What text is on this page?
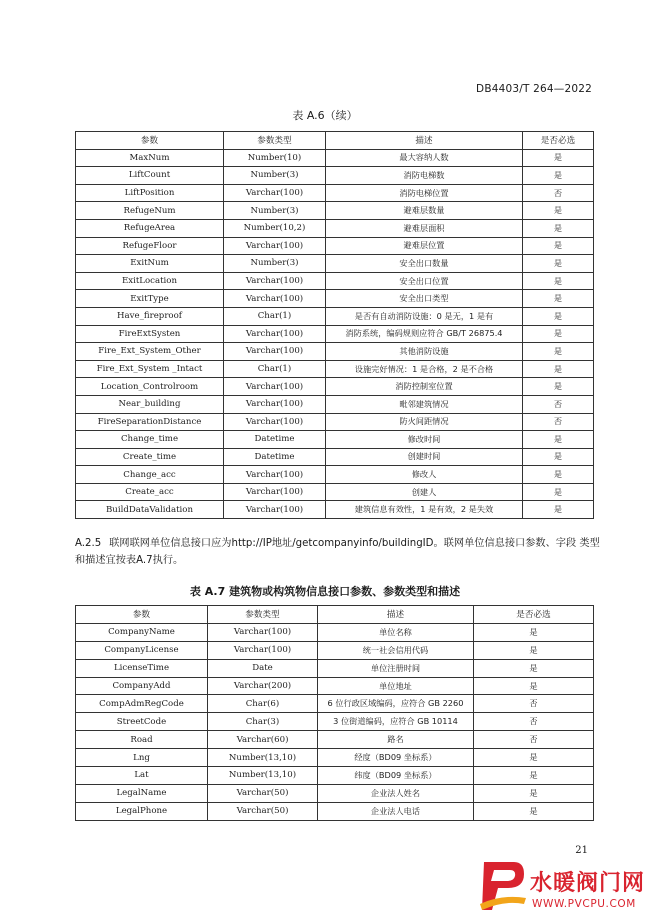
DB4403/T 264—2022
表 A.6（续）
参数	参数类型	描述	是否必选
MaxNum	Number(10)	最大容纳人数	是
LiftCount	Number(3)	消防电梯数	是
LiftPosition	Varchar(100)	消防电梯位置	否
RefugeNum	Number(3)	避难层数量	是
RefugeArea	Number(10,2)	避难层面积	是
RefugeFloor	Varchar(100)	避难层位置	是
ExitNum	Number(3)	安全出口数量	是
ExitLocation	Varchar(100)	安全出口位置	是
ExitType	Varchar(100)	安全出口类型	是
Have_fireproof	Char(1)	是否有自动消防设施：0 是无，1 是有	是
FireExtSysten	Varchar(100)	消防系统，编码规则应符合 GB/T 26875.4	是
Fire_Ext_System_Other	Varchar(100)	其他消防设施	是
Fire_Ext_System _Intact	Char(1)	设施完好情况：1 是合格，2 是不合格	是
Location_Controlroom	Varchar(100)	消防控制室位置	是
Near_building	Varchar(100)	毗邻建筑情况	否
FireSeparationDistance	Varchar(100)	防火间距情况	否
Change_time	Datetime	修改时间	是
Create_time	Datetime	创建时间	是
Change_acc	Varchar(100)	修改人	是
Create_acc	Varchar(100)	创建人	是
BuildDataValidation	Varchar(100)	建筑信息有效性，1 是有效，2 是失效	是
A.2.5 联网联网单位信息接口应为http://IP地址/getcompanyinfo/buildingID。联网单位信息接口参数、字段 类型和描述宜按表A.7执行。
表 A.7 建筑物或构筑物信息接口参数、参数类型和描述
参数	参数类型	描述	是否必选
CompanyName	Varchar(100)	单位名称	是
CompanyLicense	Varchar(100)	统一社会信用代码	是
LicenseTime	Date	单位注册时间	是
CompanyAdd	Varchar(200)	单位地址	是
CompAdmRegCode	Char(6)	6 位行政区域编码，应符合 GB 2260	否
StreetCode	Char(3)	3 位街道编码，应符合 GB 10114	否
Road	Varchar(60)	路名	否
Lng	Number(13,10)	经度（BD09 坐标系）	是
Lat	Number(13,10)	纬度（BD09 坐标系）	是
LegalName	Varchar(50)	企业法人姓名	是
LegalPhone	Varchar(50)	企业法人电话	是
21
水暖阀门网
WWW.PVCPU.COM
